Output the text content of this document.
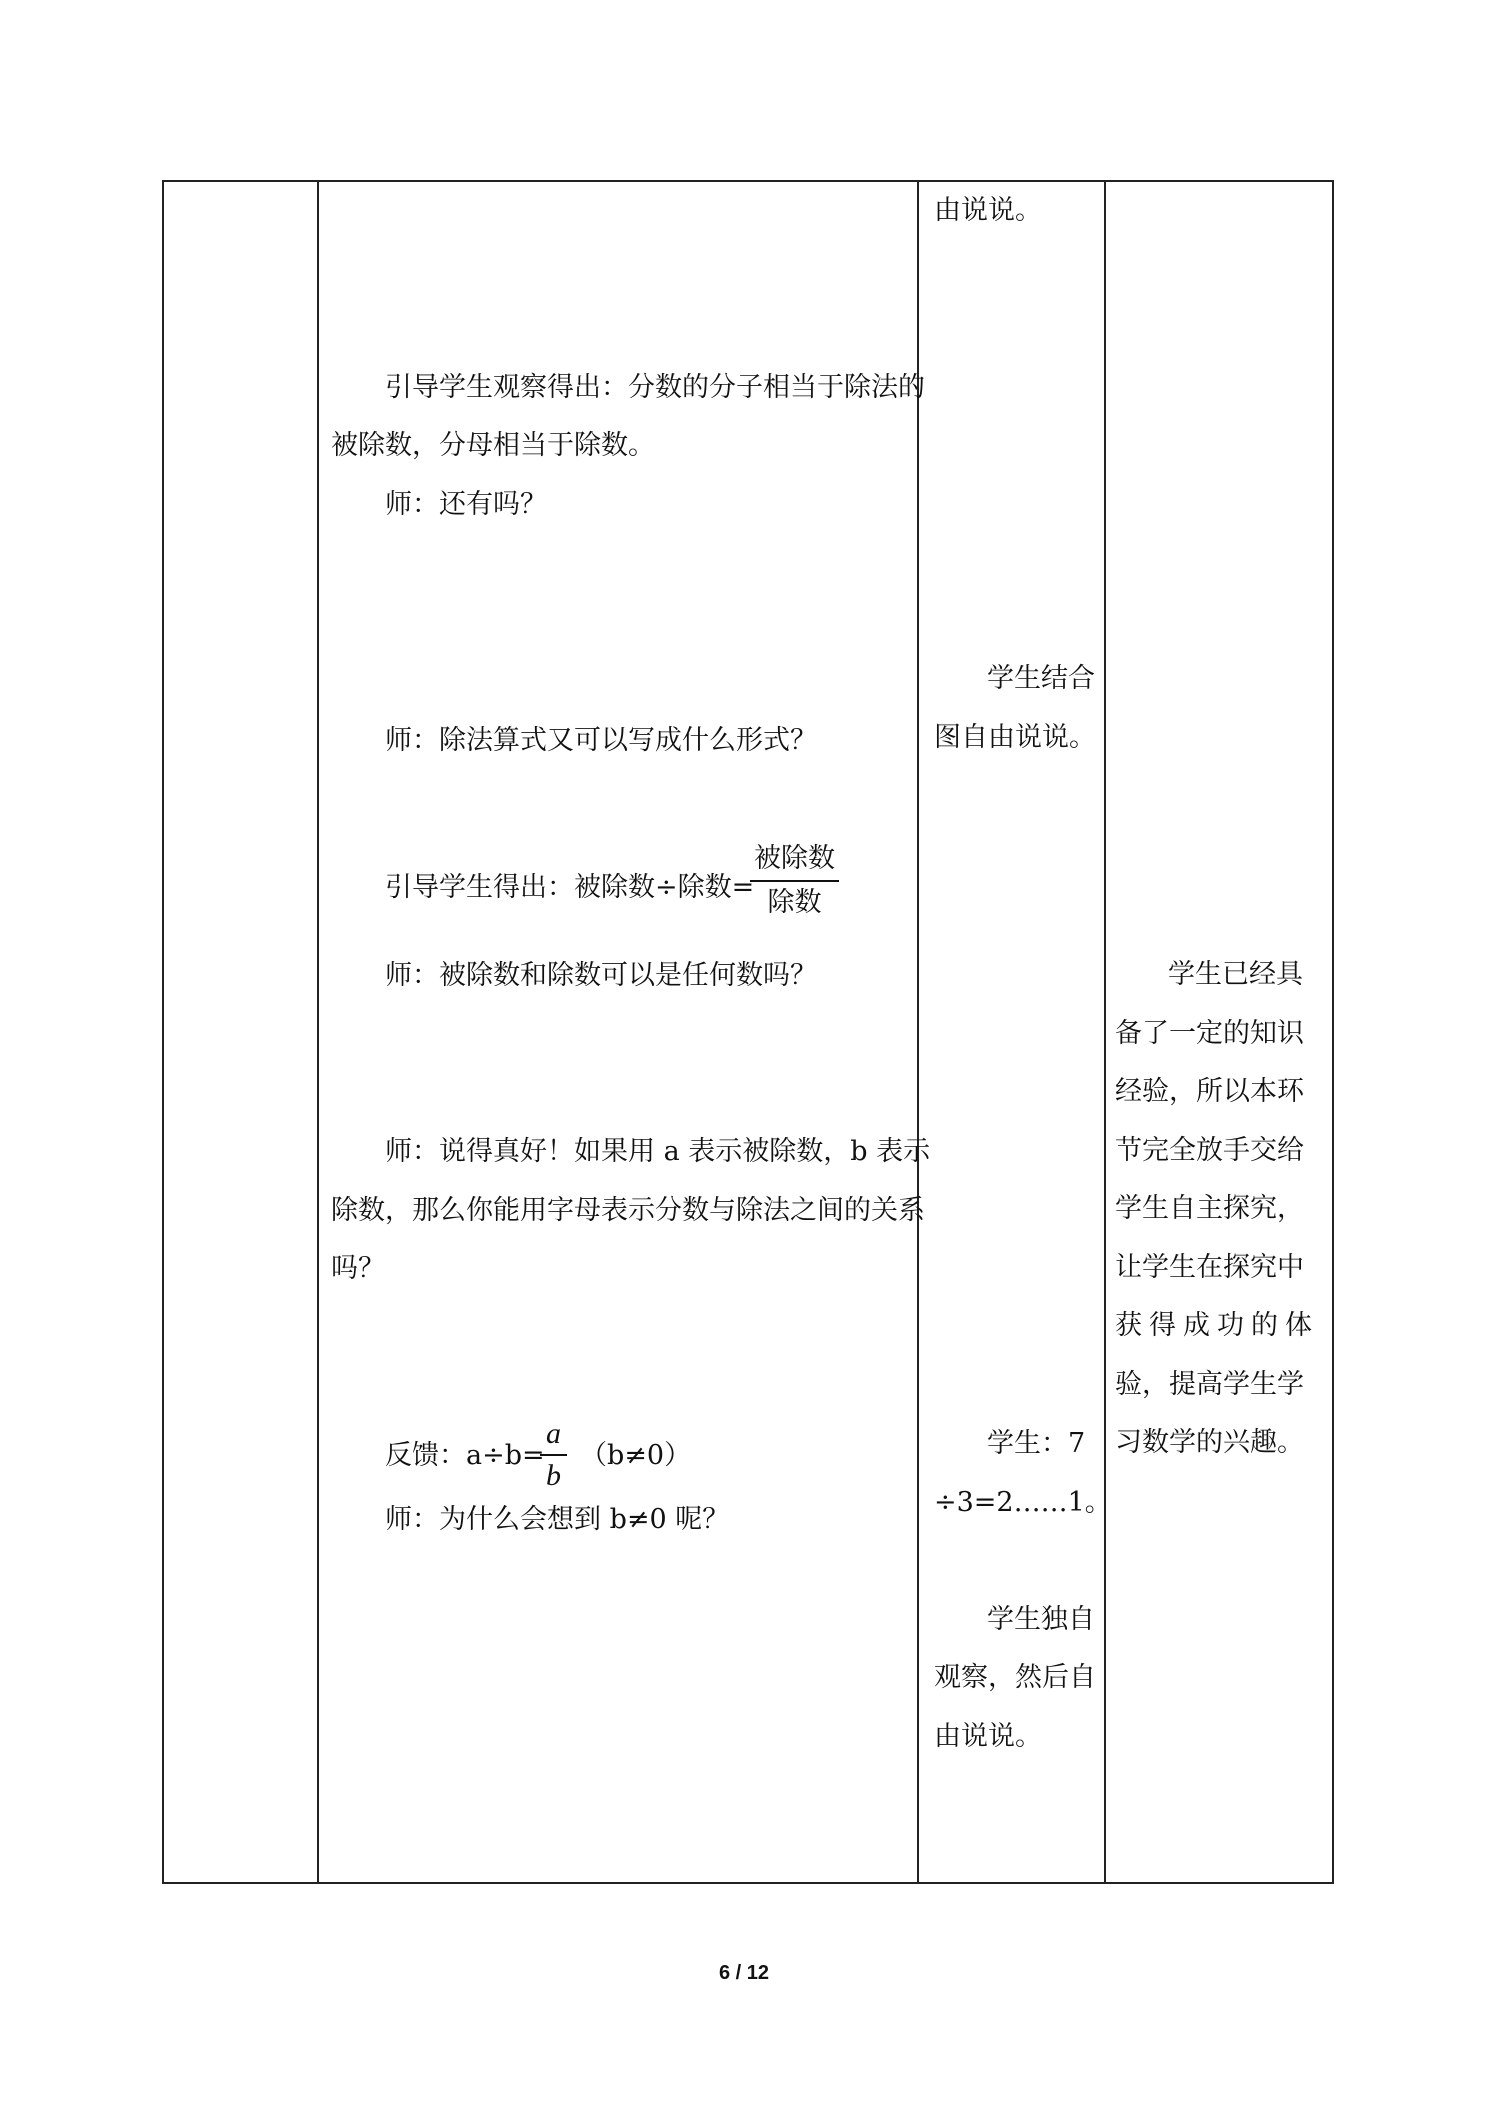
引导学生观察得出：分数的分子相当于除法的
被除数，分母相当于除数。
师：还有吗？
师：除法算式又可以写成什么形式？
引导学生得出：被除数÷除数=
被除数
除数
师：被除数和除数可以是任何数吗？
师：说得真好！如果用 a 表示被除数，b 表示
除数，那么你能用字母表示分数与除法之间的关系
吗？
反馈：a÷b=
$\frac{a}{b} (b\ne 0)$
师：为什么会想到 b≠0 呢？
由说说。
学生结合
图自由说说。
学生：7
÷3=2……1。
学生独自
观察，然后自
由说说。
学生已经具
备了一定的知识
经验，所以本环
节完全放手交给
学生自主探究，
让学生在探究中
获得成功的体
验，提高学生学
习数学的兴趣。
6 / 12
